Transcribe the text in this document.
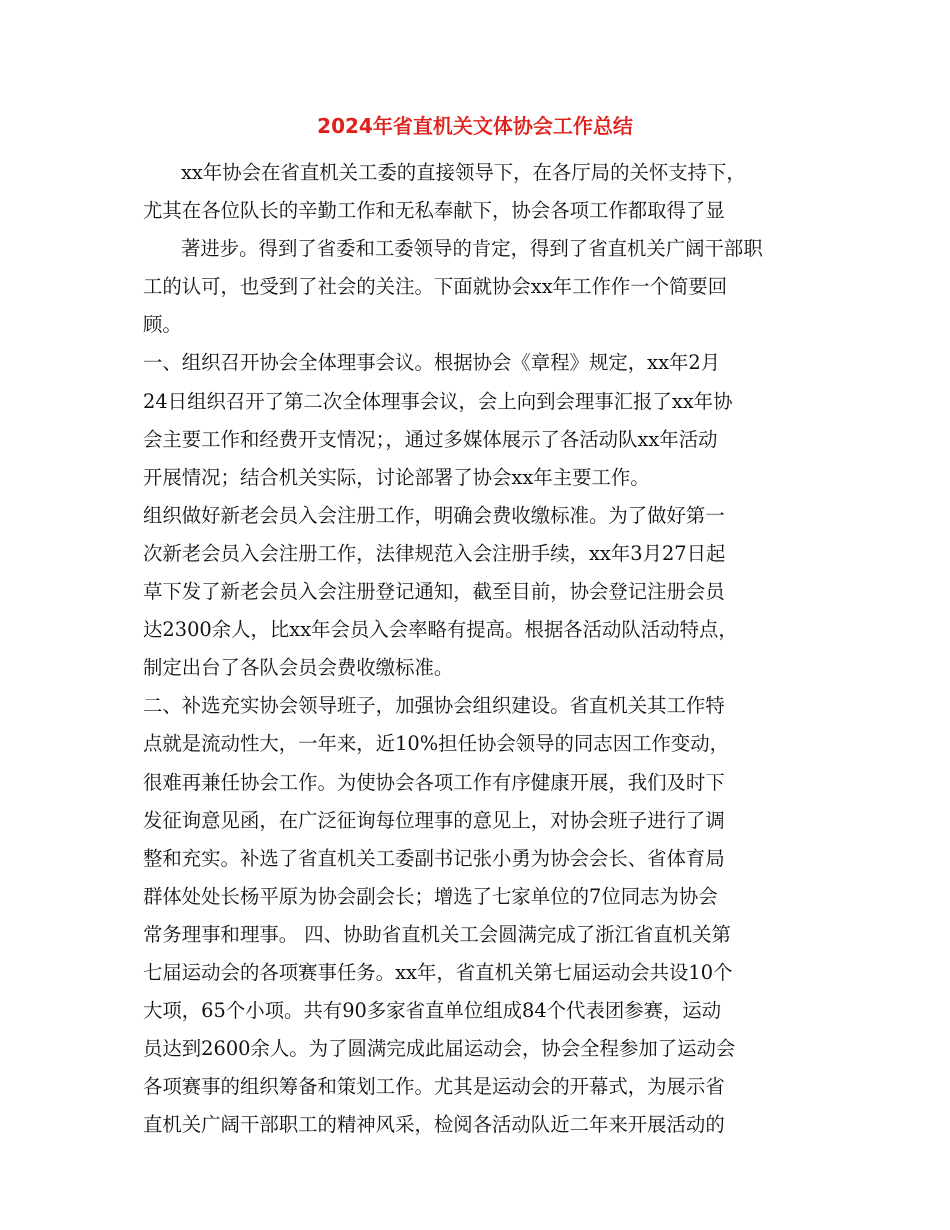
2024年省直机关文体协会工作总结
xx年协会在省直机关工委的直接领导下，在各厅局的关怀支持下，
尤其在各位队长的辛勤工作和无私奉献下，协会各项工作都取得了显
著进步。得到了省委和工委领导的肯定，得到了省直机关广阔干部职
工的认可，也受到了社会的关注。下面就协会xx年工作作一个简要回
顾。
一、组织召开协会全体理事会议。根据协会《章程》规定，xx年2月
24日组织召开了第二次全体理事会议，会上向到会理事汇报了xx年协
会主要工作和经费开支情况；，通过多媒体展示了各活动队xx年活动
开展情况；结合机关实际，讨论部署了协会xx年主要工作。
组织做好新老会员入会注册工作，明确会费收缴标准。为了做好第一
次新老会员入会注册工作，法律规范入会注册手续，xx年3月27日起
草下发了新老会员入会注册登记通知，截至目前，协会登记注册会员
达2300余人，比xx年会员入会率略有提高。根据各活动队活动特点，
制定出台了各队会员会费收缴标准。
二、补选充实协会领导班子，加强协会组织建设。省直机关其工作特
点就是流动性大，一年来，近10%担任协会领导的同志因工作变动，
很难再兼任协会工作。为使协会各项工作有序健康开展，我们及时下
发征询意见函，在广泛征询每位理事的意见上，对协会班子进行了调
整和充实。补选了省直机关工委副书记张小勇为协会会长、省体育局
群体处处长杨平原为协会副会长；增选了七家单位的7位同志为协会
常务理事和理事。 四、协助省直机关工会圆满完成了浙江省直机关第
七届运动会的各项赛事任务。xx年，省直机关第七届运动会共设10个
大项，65个小项。共有90多家省直单位组成84个代表团参赛，运动
员达到2600余人。为了圆满完成此届运动会，协会全程参加了运动会
各项赛事的组织筹备和策划工作。尤其是运动会的开幕式，为展示省
直机关广阔干部职工的精神风采，检阅各活动队近二年来开展活动的
